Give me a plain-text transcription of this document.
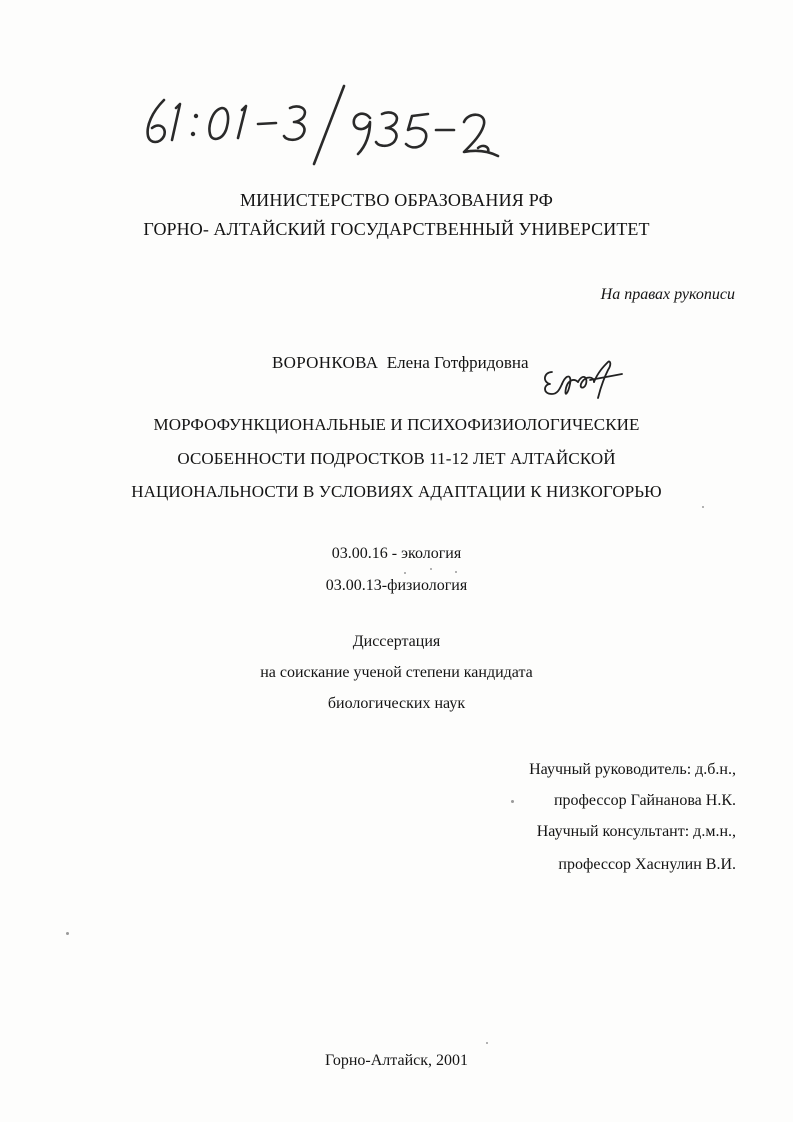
МИНИСТЕРСТВО ОБРАЗОВАНИЯ РФ
ГОРНО- АЛТАЙСКИЙ ГОСУДАРСТВЕННЫЙ УНИВЕРСИТЕТ
На правах рукописи
ВОРОНКОВА Елена Готфридовна
МОРФОФУНКЦИОНАЛЬНЫЕ И ПСИХОФИЗИОЛОГИЧЕСКИЕ
ОСОБЕННОСТИ ПОДРОСТКОВ 11-12 ЛЕТ АЛТАЙСКОЙ
НАЦИОНАЛЬНОСТИ В УСЛОВИЯХ АДАПТАЦИИ К НИЗКОГОРЬЮ
03.00.16 - экология
03.00.13-физиология
Диссертация
на соискание ученой степени кандидата
биологических наук
Научный руководитель: д.б.н.,
профессор Гайнанова Н.К.
Научный консультант: д.м.н.,
профессор Хаснулин В.И.
Горно-Алтайск, 2001
